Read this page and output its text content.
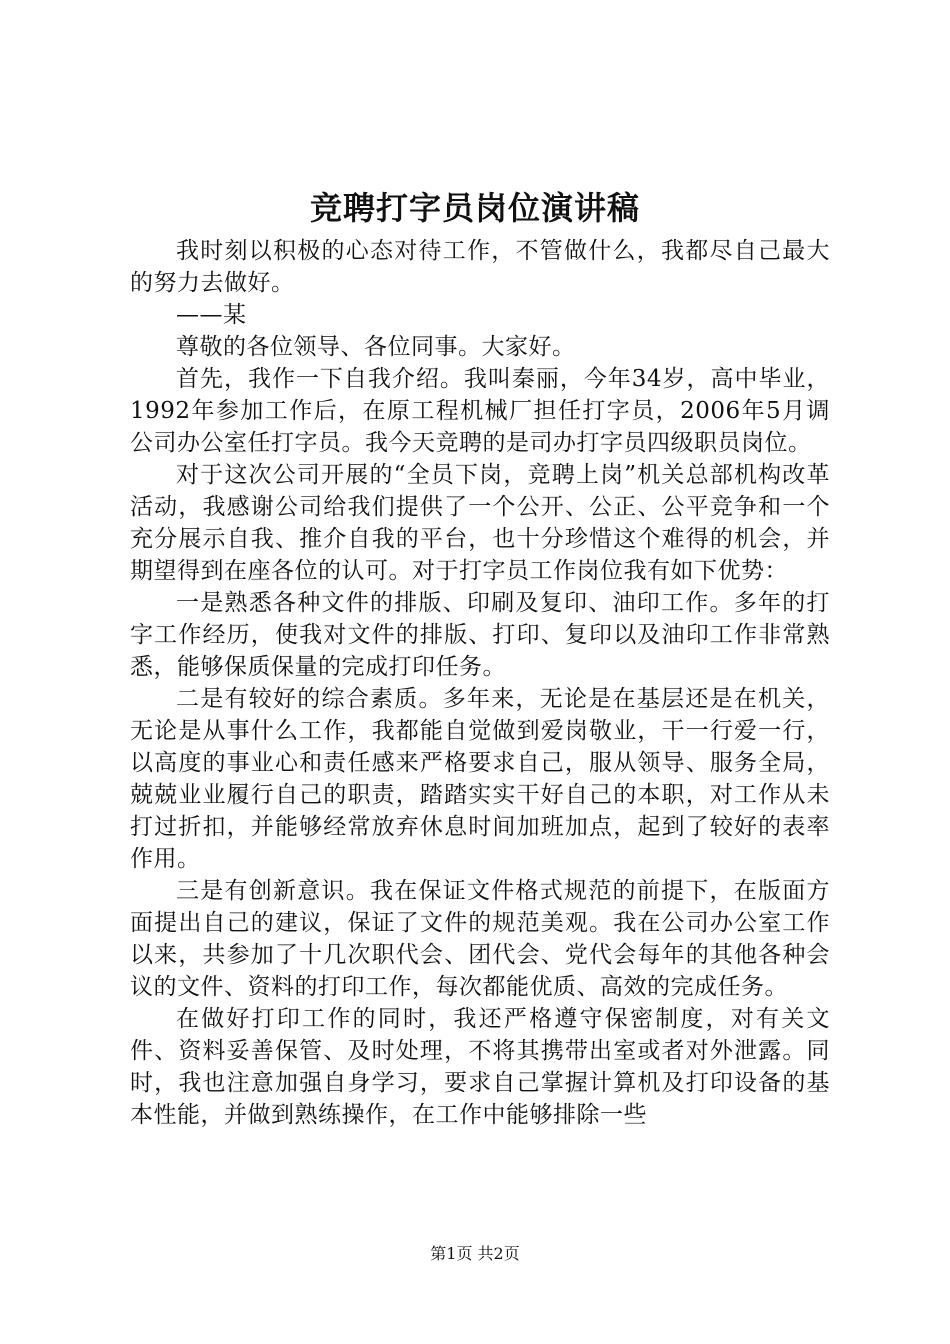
竞聘打字员岗位演讲稿

我时刻以积极的心态对待工作，不管做什么，我都尽自己最大的努力去做好。

——某

尊敬的各位领导、各位同事。大家好。

首先，我作一下自我介绍。我叫秦丽，今年34岁，高中毕业，1992年参加工作后，在原工程机械厂担任打字员，2006年5月调公司办公室任打字员。我今天竞聘的是司办打字员四级职员岗位。

对于这次公司开展的“全员下岗，竞聘上岗”机关总部机构改革活动，我感谢公司给我们提供了一个公开、公正、公平竞争和一个充分展示自我、推介自我的平台，也十分珍惜这个难得的机会，并期望得到在座各位的认可。对于打字员工作岗位我有如下优势：

一是熟悉各种文件的排版、印刷及复印、油印工作。多年的打字工作经历，使我对文件的排版、打印、复印以及油印工作非常熟悉，能够保质保量的完成打印任务。

二是有较好的综合素质。多年来，无论是在基层还是在机关，无论是从事什么工作，我都能自觉做到爱岗敬业，干一行爱一行，以高度的事业心和责任感来严格要求自己，服从领导、服务全局，兢兢业业履行自己的职责，踏踏实实干好自己的本职，对工作从未打过折扣，并能够经常放弃休息时间加班加点，起到了较好的表率作用。

三是有创新意识。我在保证文件格式规范的前提下，在版面方面提出自己的建议，保证了文件的规范美观。我在公司办公室工作以来，共参加了十几次职代会、团代会、党代会每年的其他各种会议的文件、资料的打印工作，每次都能优质、高效的完成任务。

在做好打印工作的同时，我还严格遵守保密制度，对有关文件、资料妥善保管、及时处理，不将其携带出室或者对外泄露。同时，我也注意加强自身学习，要求自己掌握计算机及打印设备的基本性能，并做到熟练操作，在工作中能够排除一些

第1页 共2页
